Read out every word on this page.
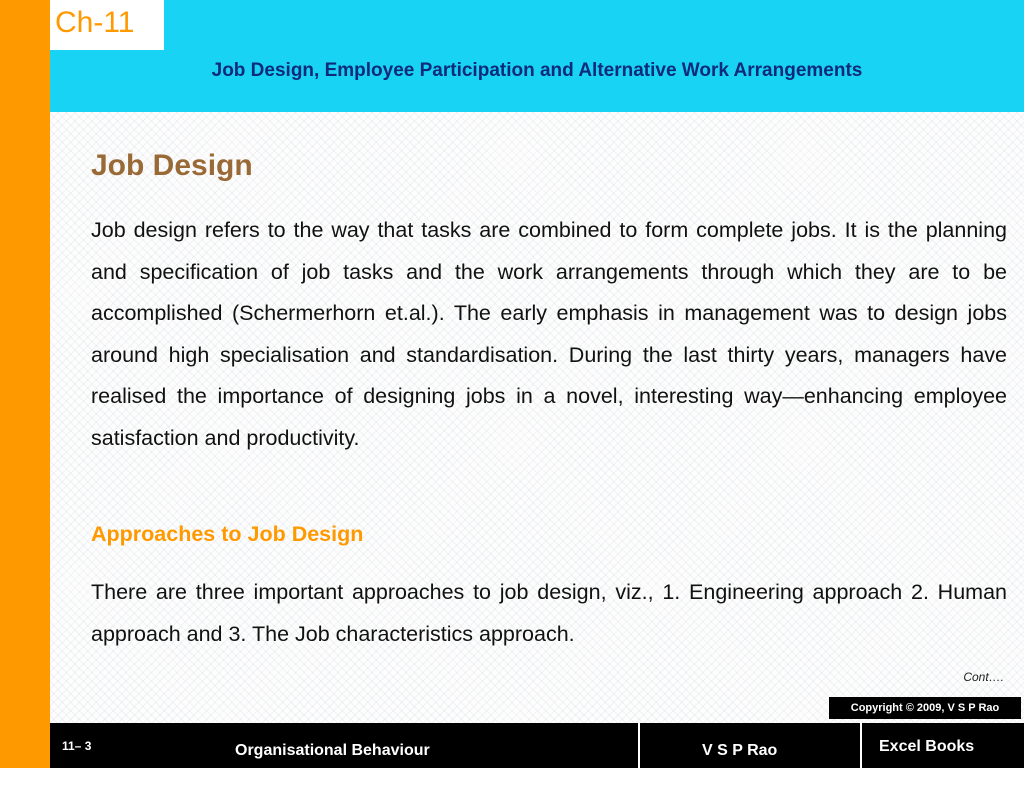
Ch-11
Job Design, Employee Participation and Alternative Work Arrangements
Job Design

Job design refers to the way that tasks are combined to form complete jobs. It is the planning and specification of job tasks and the work arrangements through which they are to be accomplished (Schermerhorn et.al.). The early emphasis in management was to design jobs around high specialisation and standardisation. During the last thirty years, managers have realised the importance of designing jobs in a novel, interesting way—enhancing employee satisfaction and productivity.

Approaches to Job Design

There are three important approaches to job design, viz., 1. Engineering approach 2. Human approach and 3. The Job characteristics approach.

Cont….
Copyright © 2009, V S P Rao
11– 3	Organisational Behaviour	V S P Rao	Excel Books
